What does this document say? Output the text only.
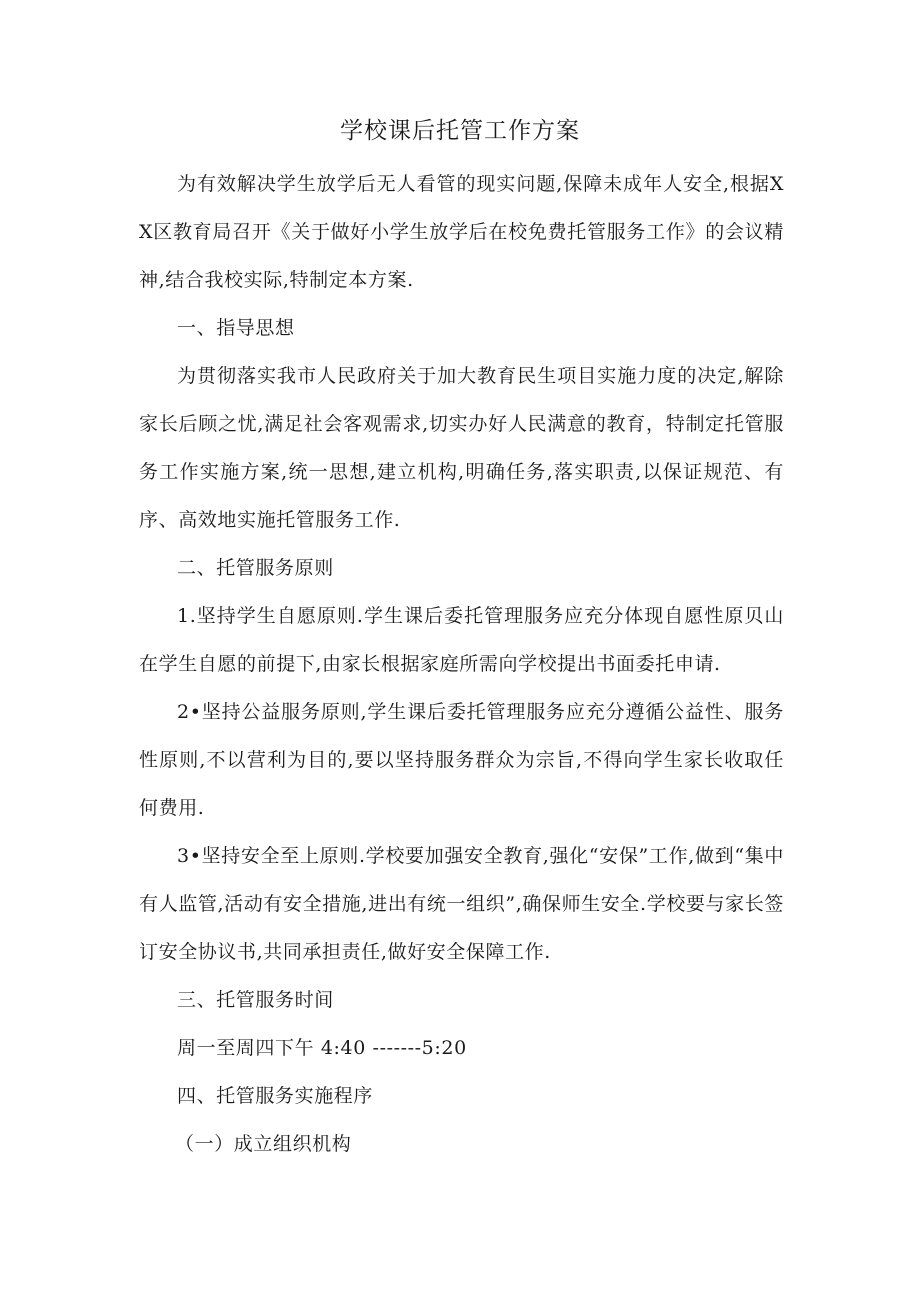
学校课后托管工作方案

为有效解决学生放学后无人看管的现实问题,保障未成年人安全,根据XX区教育局召开《关于做好小学生放学后在校免费托管服务工作》的会议精神,结合我校实际,特制定本方案.

一、指导思想

为贯彻落实我市人民政府关于加大教育民生项目实施力度的决定,解除家长后顾之忧,满足社会客观需求,切实办好人民满意的教育，特制定托管服务工作实施方案,统一思想,建立机构,明确任务,落实职责,以保证规范、有序、高效地实施托管服务工作.

二、托管服务原则

1.坚持学生自愿原则.学生课后委托管理服务应充分体现自愿性原贝山在学生自愿的前提下,由家长根据家庭所需向学校提出书面委托申请.

2•坚持公益服务原则,学生课后委托管理服务应充分遵循公益性、服务性原则,不以营利为目的,要以坚持服务群众为宗旨,不得向学生家长收取任何费用.

3•坚持安全至上原则.学校要加强安全教育,强化“安保”工作,做到“集中有人监管,活动有安全措施,进出有统一组织”,确保师生安全.学校要与家长签订安全协议书,共同承担责任,做好安全保障工作.

三、托管服务时间

周一至周四下午 4:40 -------5:20

四、托管服务实施程序

（一）成立组织机构
